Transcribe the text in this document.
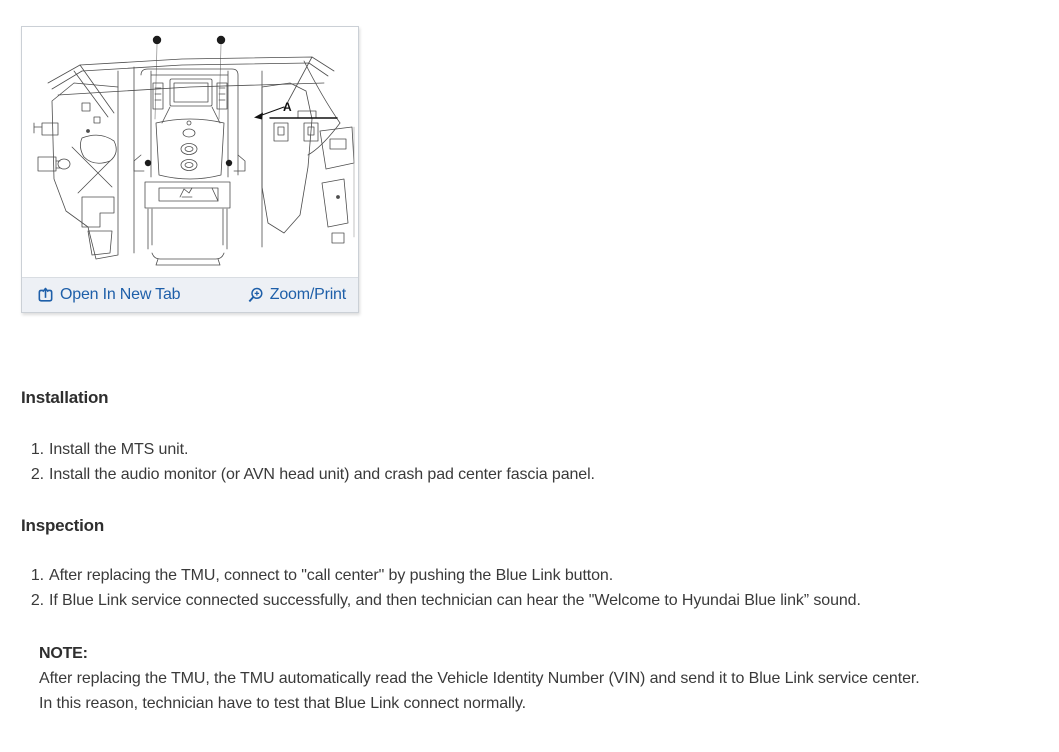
A
Open In New Tab	Zoom/Print
Installation
1. Install the MTS unit.
2. Install the audio monitor (or AVN head unit) and crash pad center fascia panel.
Inspection
1. After replacing the TMU, connect to "call center" by pushing the Blue Link button.
2. If Blue Link service connected successfully, and then technician can hear the "Welcome to Hyundai Blue link” sound.
NOTE:
After replacing the TMU, the TMU automatically read the Vehicle Identity Number (VIN) and send it to Blue Link service center.
In this reason, technician have to test that Blue Link connect normally.
